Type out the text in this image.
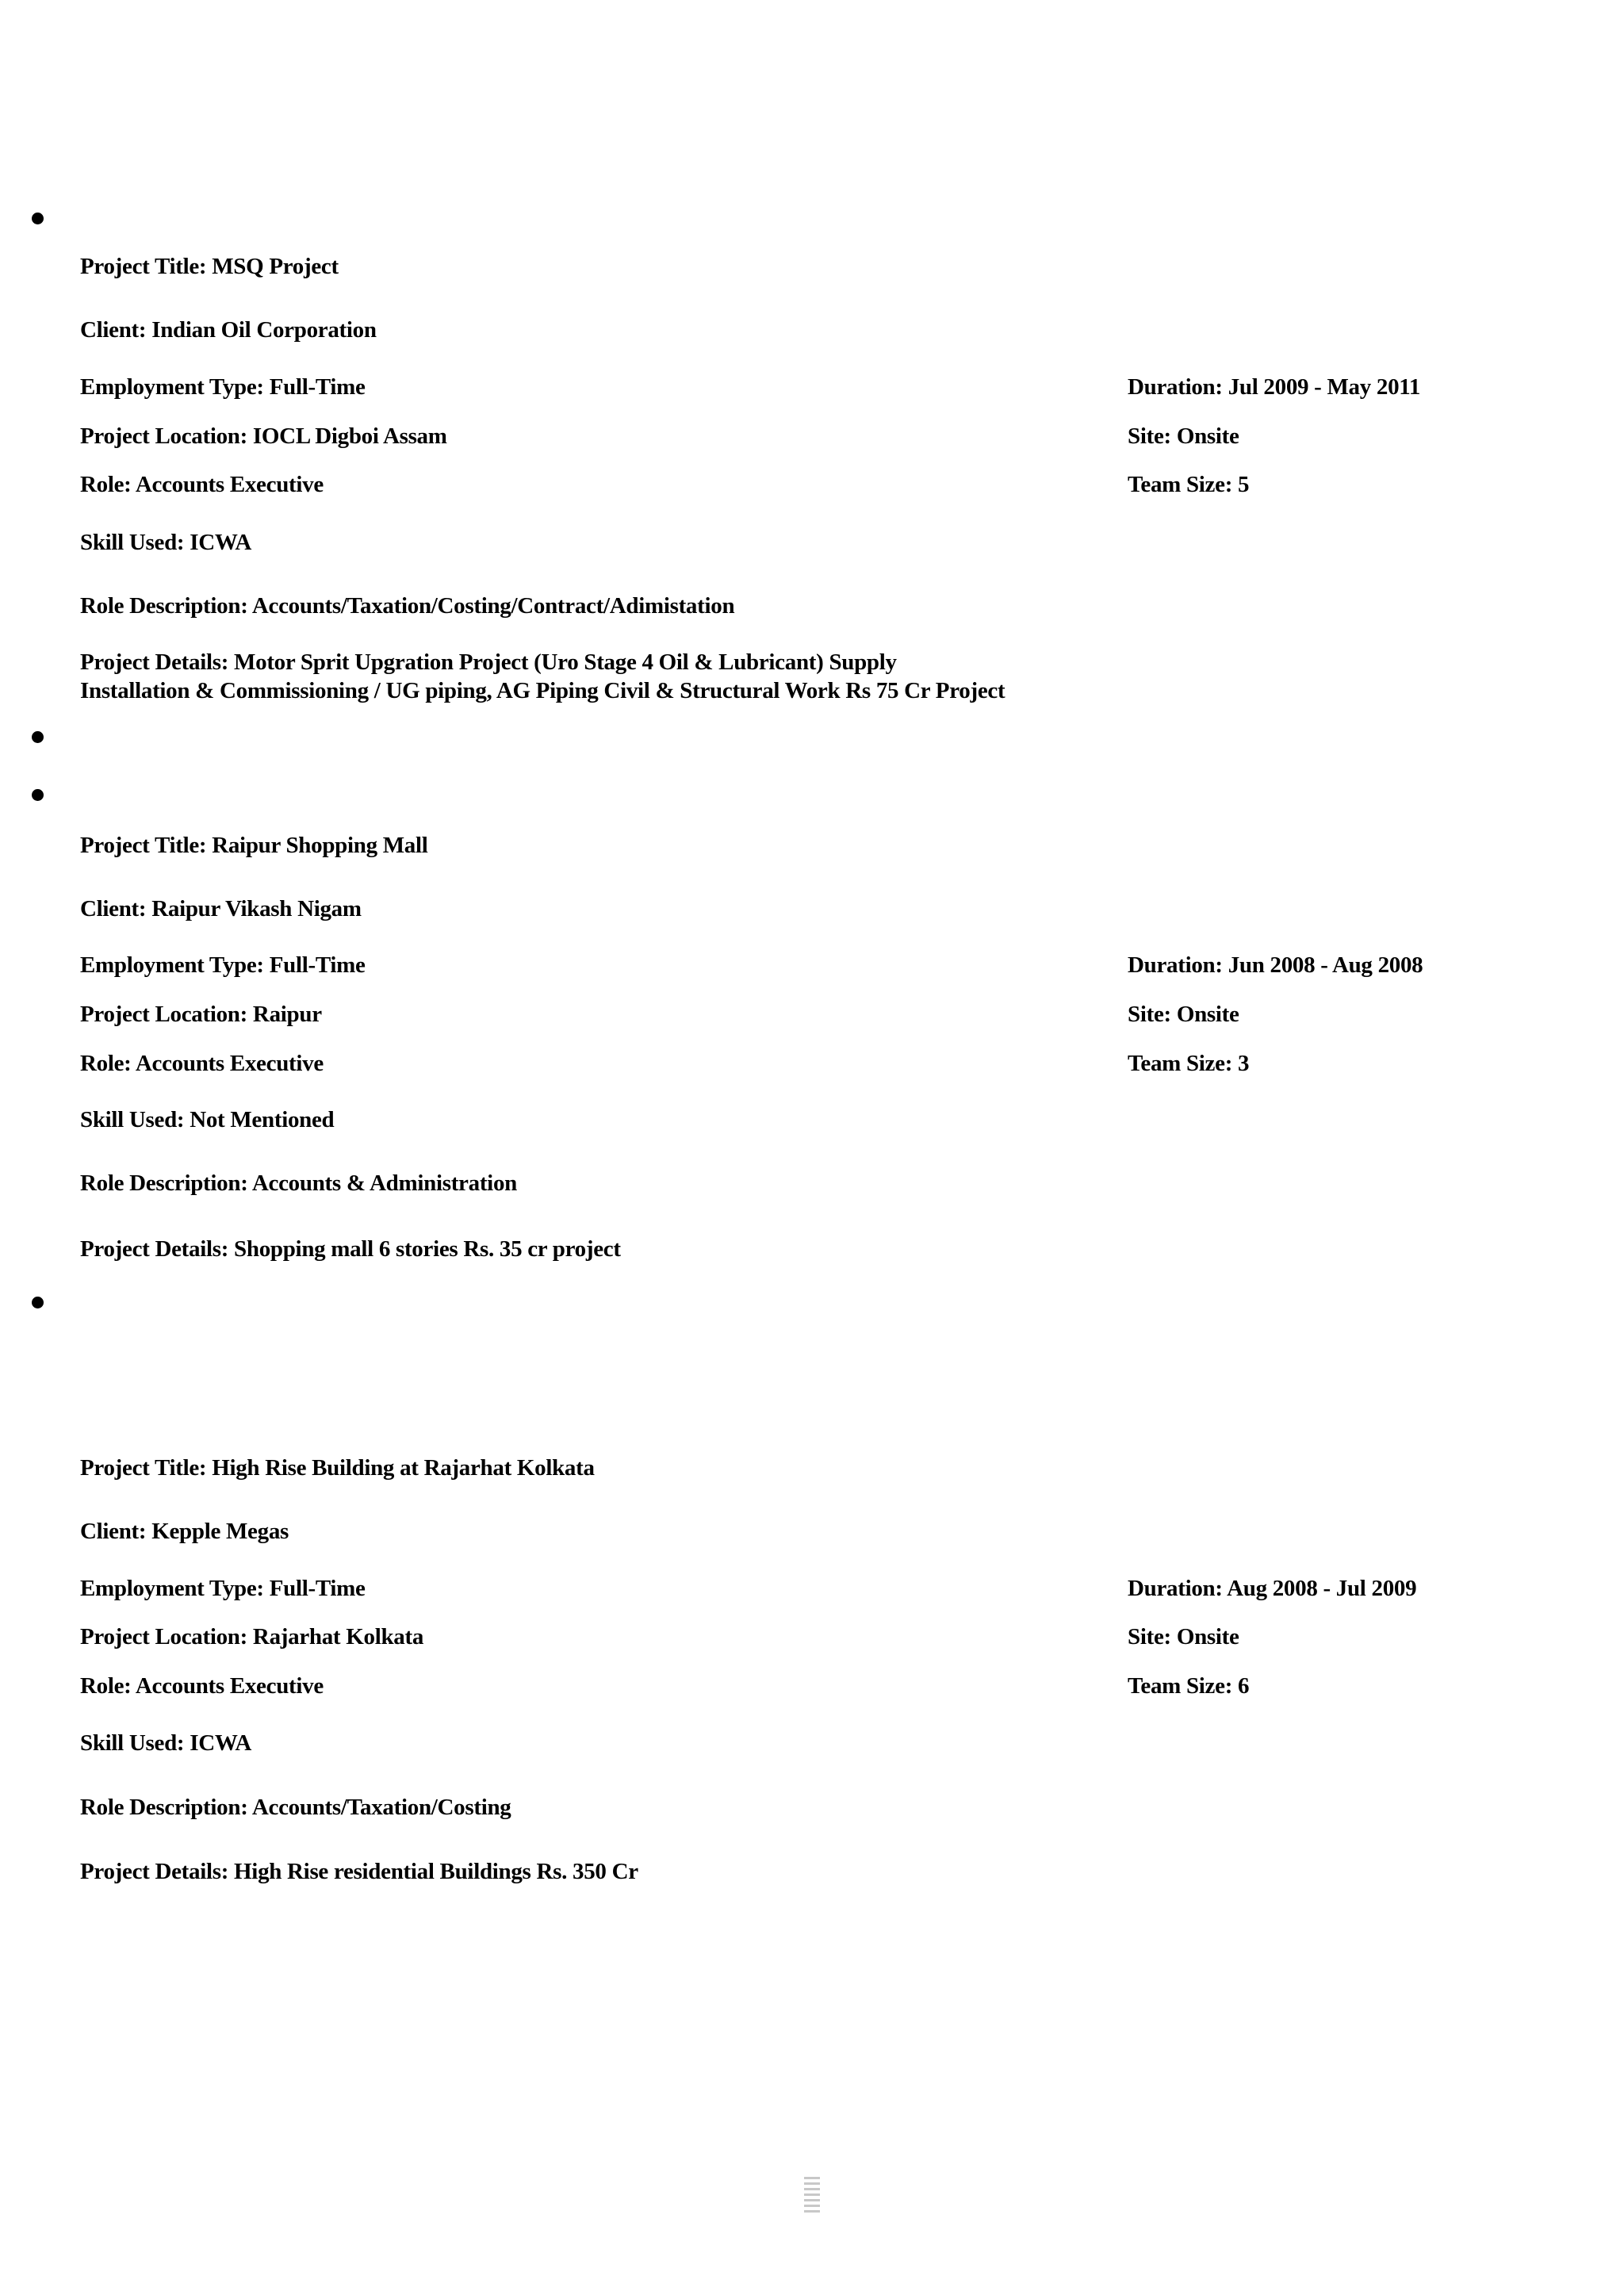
Project Title: MSQ Project
Client: Indian Oil Corporation
Employment Type: Full-Time	Duration: Jul 2009 - May 2011
Project Location: IOCL Digboi Assam	Site: Onsite
Role: Accounts Executive	Team Size: 5
Skill Used: ICWA
Role Description: Accounts/Taxation/Costing/Contract/Adimistation
Project Details: Motor Sprit Upgration Project (Uro Stage 4 Oil & Lubricant) Supply
Installation & Commissioning / UG piping, AG Piping Civil & Structural Work Rs 75 Cr Project
Project Title: Raipur Shopping Mall
Client: Raipur Vikash Nigam
Employment Type: Full-Time	Duration: Jun 2008 - Aug 2008
Project Location: Raipur	Site: Onsite
Role: Accounts Executive	Team Size: 3
Skill Used: Not Mentioned
Role Description: Accounts & Administration
Project Details: Shopping mall 6 stories Rs. 35 cr project
Project Title: High Rise Building at Rajarhat Kolkata
Client: Kepple Megas
Employment Type: Full-Time	Duration: Aug 2008 - Jul 2009
Project Location: Rajarhat Kolkata	Site: Onsite
Role: Accounts Executive	Team Size: 6
Skill Used: ICWA
Role Description: Accounts/Taxation/Costing
Project Details: High Rise residential Buildings Rs. 350 Cr
